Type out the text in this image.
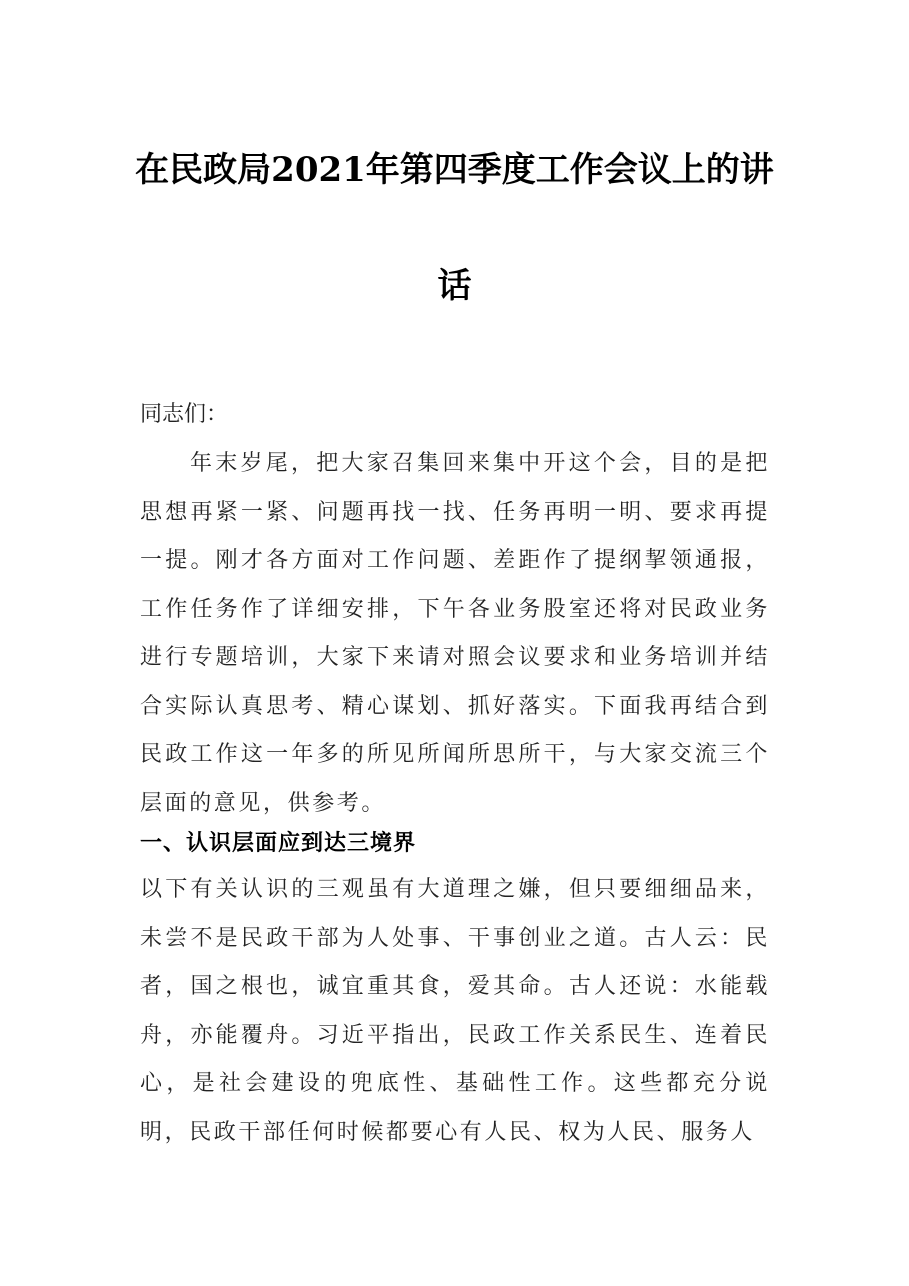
在民政局2021年第四季度工作会议上的讲
话
同志们：

年末岁尾，把大家召集回来集中开这个会，目的是把思想再紧一紧、问题再找一找、任务再明一明、要求再提一提。刚才各方面对工作问题、差距作了提纲挈领通报，工作任务作了详细安排，下午各业务股室还将对民政业务进行专题培训，大家下来请对照会议要求和业务培训并结合实际认真思考、精心谋划、抓好落实。下面我再结合到民政工作这一年多的所见所闻所思所干，与大家交流三个层面的意见，供参考。

一、认识层面应到达三境界

以下有关认识的三观虽有大道理之嫌，但只要细细品来，未尝不是民政干部为人处事、干事创业之道。古人云：民者，国之根也，诚宜重其食，爱其命。古人还说：水能载舟，亦能覆舟。习近平指出，民政工作关系民生、连着民心，是社会建设的兜底性、基础性工作。这些都充分说明，民政干部任何时候都要心有人民、权为人民、服务人
